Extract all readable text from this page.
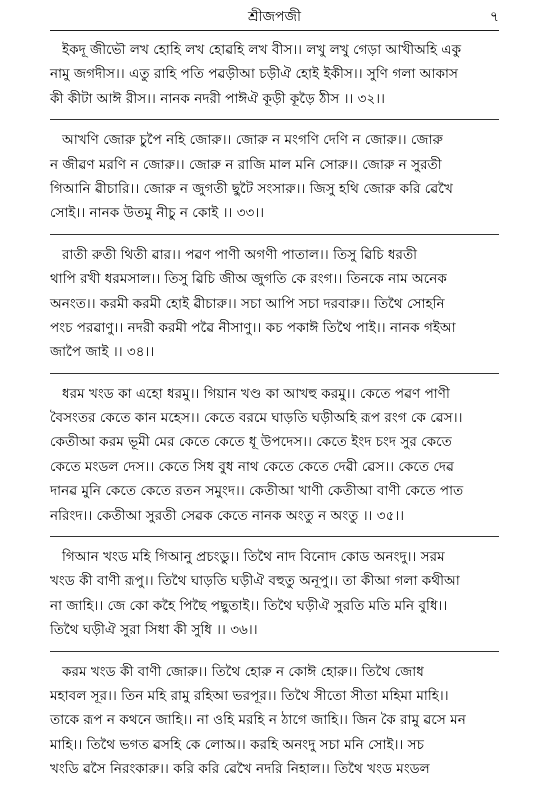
শ্রীজপজী	৭
ইকদূ জীভৌ লখ হোহি লখ হোৱহি লখ বীস।। লখু লখু গেড়া আখীঅহি একু
নামু জগদীস।। এতু রাহি পতি পৱড়ীআ চড়ীঐ হোই ইকীস।। সুণি গলা আকাস
কী কীটা আঈ রীস।। নানক নদরী পাঈঐ কূড়ী কূড়ৈ ঠীস ।। ৩২।।
আখণি জোরু চুপৈ নহি জোরু।। জোরু ন মংগণি দেণি ন জোরু।। জোরু
ন জীৱণ মরণি ন জোরু।। জোরু ন রাজি মাল মনি সোরু।। জোরু ন সুরতী
গিআনি ৱীচারি।। জোরু ন জুগতী ছুটৈ সংসারু।। জিসু হথি জোরু করি ৱেখৈ
সোই।। নানক উতমু নীচু ন কোই ।। ৩৩।।
রাতী রুতী থিতী ৱার।। পৱণ পাণী অগণী পাতাল।। তিসু ৱিচি ধরতী
থাপি রখী ধরমসাল।। তিসু ৱিচি জীঅ জুগতি কে রংগ।। তিনকে নাম অনেক
অনংত।। করমী করমী হোই ৱীচারু।। সচা আপি সচা দরবারু।। তিথৈ সোহনি
পংচ পরৱাণু।। নদরী করমী পৱৈ নীসাণু।। কচ পকাঈ তিথৈ পাই।। নানক গইআ
জাপৈ জাই ।। ৩৪।।
ধরম খংড কা এহো ধরমু।। গিয়ান খণ্ড কা আখহু করমু।। কেতে পৱণ পাণী
বৈসংতর কেতে কান মহেস।। কেতে বরমে ঘাড়তি ঘড়ীঅহি রূপ রংগ কে ৱেস।।
কেতীআ করম ভূমী মের কেতে কেতে ধূ উপদেস।। কেতে ইংদ চংদ সুর কেতে
কেতে মংডল দেস।। কেতে সিধ বুধ নাথ কেতে কেতে দেৱী ৱেস।। কেতে দেৱ
দানৱ মুনি কেতে কেতে রতন সমুংদ।। কেতীআ খাণী কেতীআ বাণী কেতে পাত
নরিংদ।। কেতীআ সুরতী সেৱক কেতে নানক অংতু ন অংতু ।। ৩৫।।
গিআন খংড মহি গিআনু প্রচংডু।। তিথৈ নাদ বিনোদ কোড অনংদু।। সরম
খংড কী বাণী রূপু।। তিথৈ ঘাড়তি ঘড়ীঐ বহুতু অনূপু।। তা কীআ গলা কথীআ
না জাহি।। জে কো কহৈ পিছৈ পছুতাই।। তিথৈ ঘড়ীঐ সুরতি মতি মনি বুধি।।
তিথৈ ঘড়ীঐ সুরা সিধা কী সুধি ।। ৩৬।।
করম খংড কী বাণী জোরু।। তিথৈ হোরু ন কোঈ হোরু।। তিথৈ জোধ
মহাবল সূর।। তিন মহি রামু রহিআ ভরপূর।। তিথৈ সীতো সীতা মহিমা মাহি।।
তাকে রূপ ন কথনে জাহি।। না ওহি মরহি ন ঠাগে জাহি।। জিন কৈ রামু ৱসে মন
মাহি।। তিথৈ ভগত ৱসহি কে লোঅ।। করহি অনংদু সচা মনি সোই।। সচ
খংডি ৱসৈ নিরংকারু।। করি করি ৱেখৈ নদরি নিহাল।। তিথৈ খংড মংডল
